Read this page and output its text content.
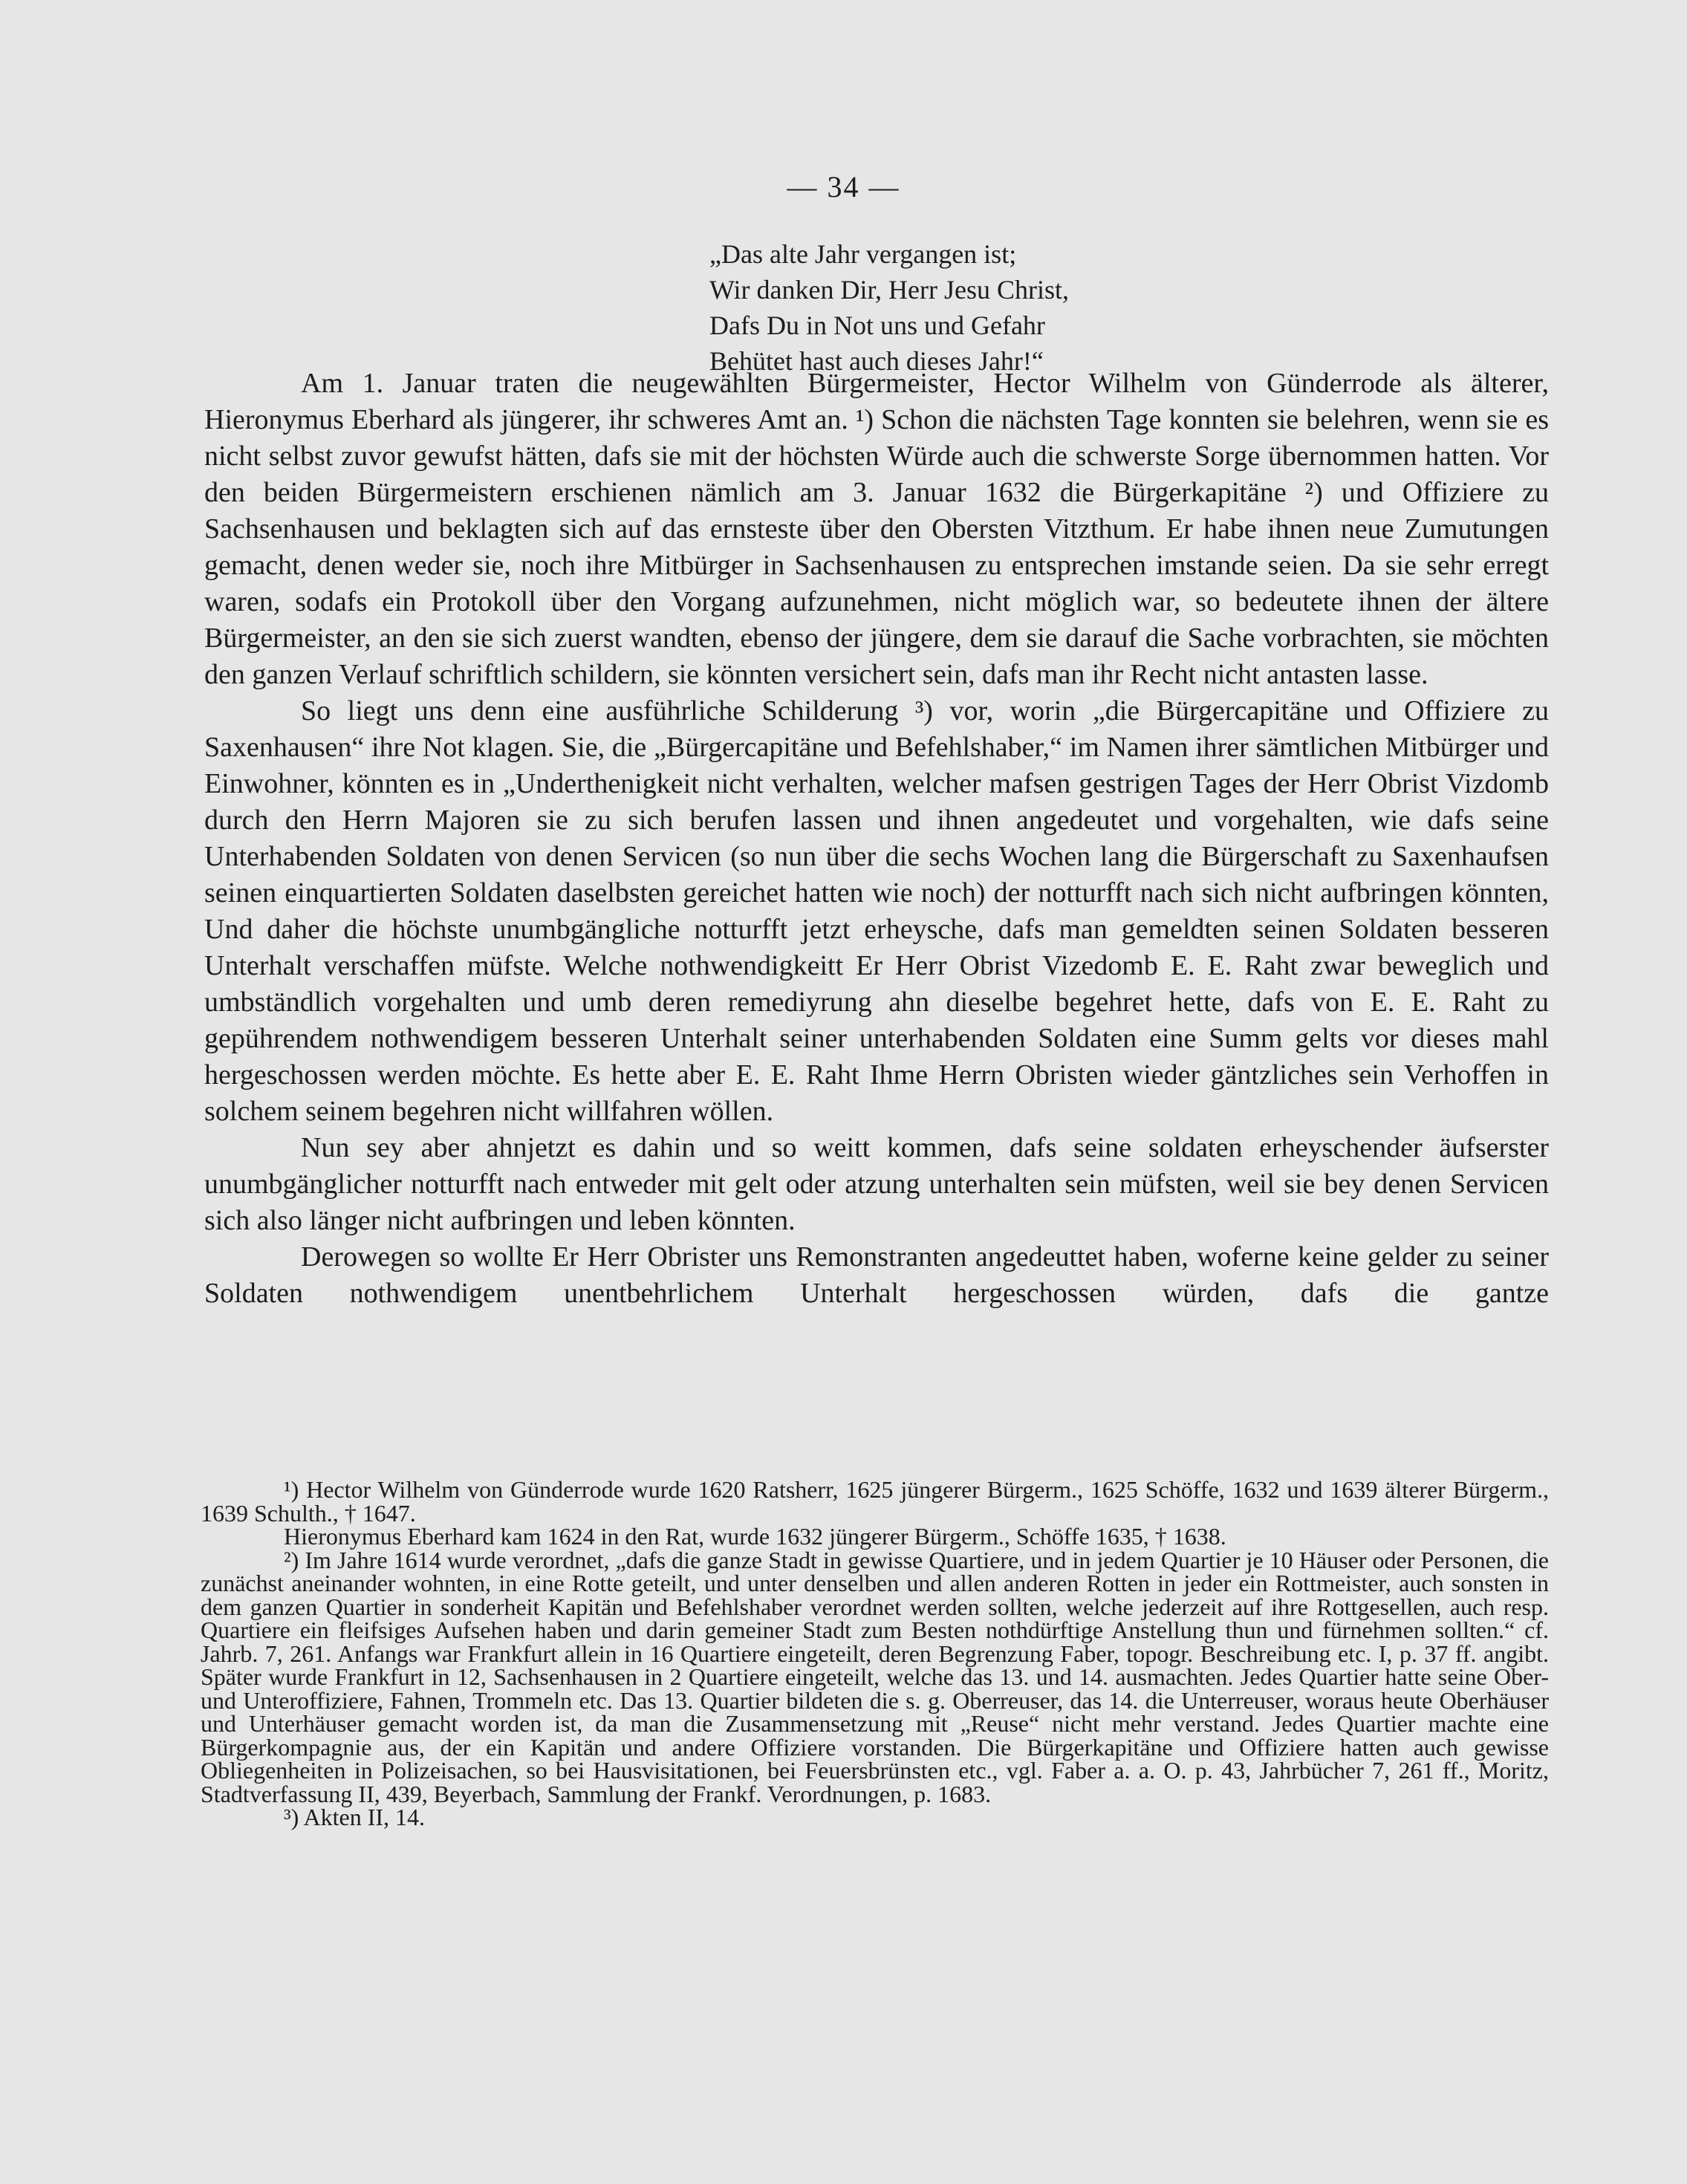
— 34 —
„Das alte Jahr vergangen ist;
Wir danken Dir, Herr Jesu Christ,
Dafs Du in Not uns und Gefahr
Behütet hast auch dieses Jahr!“

Am 1. Januar traten die neugewählten Bürgermeister, Hector Wilhelm von Günderrode als älterer, Hieronymus Eberhard als jüngerer, ihr schweres Amt an. ¹) Schon die nächsten Tage konnten sie belehren, wenn sie es nicht selbst zuvor gewufst hätten, dafs sie mit der höchsten Würde auch die schwerste Sorge übernommen hatten. Vor den beiden Bürgermeistern erschienen nämlich am 3. Januar 1632 die Bürgerkapitäne ²) und Offiziere zu Sachsenhausen und beklagten sich auf das ernsteste über den Obersten Vitzthum. Er habe ihnen neue Zumutungen gemacht, denen weder sie, noch ihre Mitbürger in Sachsenhausen zu entsprechen imstande seien. Da sie sehr erregt waren, sodafs ein Protokoll über den Vorgang aufzunehmen, nicht möglich war, so bedeutete ihnen der ältere Bürgermeister, an den sie sich zuerst wandten, ebenso der jüngere, dem sie darauf die Sache vorbrachten, sie möchten den ganzen Verlauf schriftlich schildern, sie könnten versichert sein, dafs man ihr Recht nicht antasten lasse.

So liegt uns denn eine ausführliche Schilderung ³) vor, worin „die Bürgercapitäne und Offiziere zu Saxenhausen“ ihre Not klagen. Sie, die „Bürgercapitäne und Befehlshaber,“ im Namen ihrer sämtlichen Mitbürger und Einwohner, könnten es in „Underthenigkeit nicht verhalten, welcher mafsen gestrigen Tages der Herr Obrist Vizdomb durch den Herrn Majoren sie zu sich berufen lassen und ihnen angedeutet und vorgehalten, wie dafs seine Unterhabenden Soldaten von denen Servicen (so nun über die sechs Wochen lang die Bürgerschaft zu Saxenhaufsen seinen einquartierten Soldaten daselbsten gereichet hatten wie noch) der notturfft nach sich nicht aufbringen könnten, Und daher die höchste unumbgängliche notturfft jetzt erheysche, dafs man gemeldten seinen Soldaten besseren Unterhalt verschaffen müfste. Welche nothwendigkeitt Er Herr Obrist Vizedomb E. E. Raht zwar beweglich und umbständlich vorgehalten und umb deren remediyrung ahn dieselbe begehret hette, dafs von E. E. Raht zu gepührendem nothwendigem besseren Unterhalt seiner unterhabenden Soldaten eine Summ gelts vor dieses mahl hergeschossen werden möchte. Es hette aber E. E. Raht Ihme Herrn Obristen wieder gäntzliches sein Verhoffen in solchem seinem begehren nicht willfahren wöllen.

Nun sey aber ahnjetzt es dahin und so weitt kommen, dafs seine soldaten erheyschender äufserster unumbgänglicher notturfft nach entweder mit gelt oder atzung unterhalten sein müfsten, weil sie bey denen Servicen sich also länger nicht aufbringen und leben könnten.

Derowegen so wollte Er Herr Obrister uns Remonstranten angedeuttet haben, woferne keine gelder zu seiner Soldaten nothwendigem unentbehrlichem Unterhalt hergeschossen würden, dafs die gantze

¹) Hector Wilhelm von Günderrode wurde 1620 Ratsherr, 1625 jüngerer Bürgerm., 1625 Schöffe, 1632 und 1639 älterer Bürgerm., 1639 Schulth., † 1647.

Hieronymus Eberhard kam 1624 in den Rat, wurde 1632 jüngerer Bürgerm., Schöffe 1635, † 1638.

²) Im Jahre 1614 wurde verordnet, „dafs die ganze Stadt in gewisse Quartiere, und in jedem Quartier je 10 Häuser oder Personen, die zunächst aneinander wohnten, in eine Rotte geteilt, und unter denselben und allen anderen Rotten in jeder ein Rottmeister, auch sonsten in dem ganzen Quartier in sonderheit Kapitän und Befehlshaber verordnet werden sollten, welche jederzeit auf ihre Rottgesellen, auch resp. Quartiere ein fleifsiges Aufsehen haben und darin gemeiner Stadt zum Besten nothdürftige Anstellung thun und fürnehmen sollten.“ cf. Jahrb. 7, 261. Anfangs war Frankfurt allein in 16 Quartiere eingeteilt, deren Begrenzung Faber, topogr. Beschreibung etc. I, p. 37 ff. angibt. Später wurde Frankfurt in 12, Sachsenhausen in 2 Quartiere eingeteilt, welche das 13. und 14. ausmachten. Jedes Quartier hatte seine Ober- und Unteroffiziere, Fahnen, Trommeln etc. Das 13. Quartier bildeten die s. g. Oberreuser, das 14. die Unterreuser, woraus heute Oberhäuser und Unterhäuser gemacht worden ist, da man die Zusammensetzung mit „Reuse“ nicht mehr verstand. Jedes Quartier machte eine Bürgerkompagnie aus, der ein Kapitän und andere Offiziere vorstanden. Die Bürgerkapitäne und Offiziere hatten auch gewisse Obliegenheiten in Polizeisachen, so bei Hausvisitationen, bei Feuersbrünsten etc., vgl. Faber a. a. O. p. 43, Jahrbücher 7, 261 ff., Moritz, Stadtverfassung II, 439, Beyerbach, Sammlung der Frankf. Verordnungen, p. 1683.

³) Akten II, 14.
